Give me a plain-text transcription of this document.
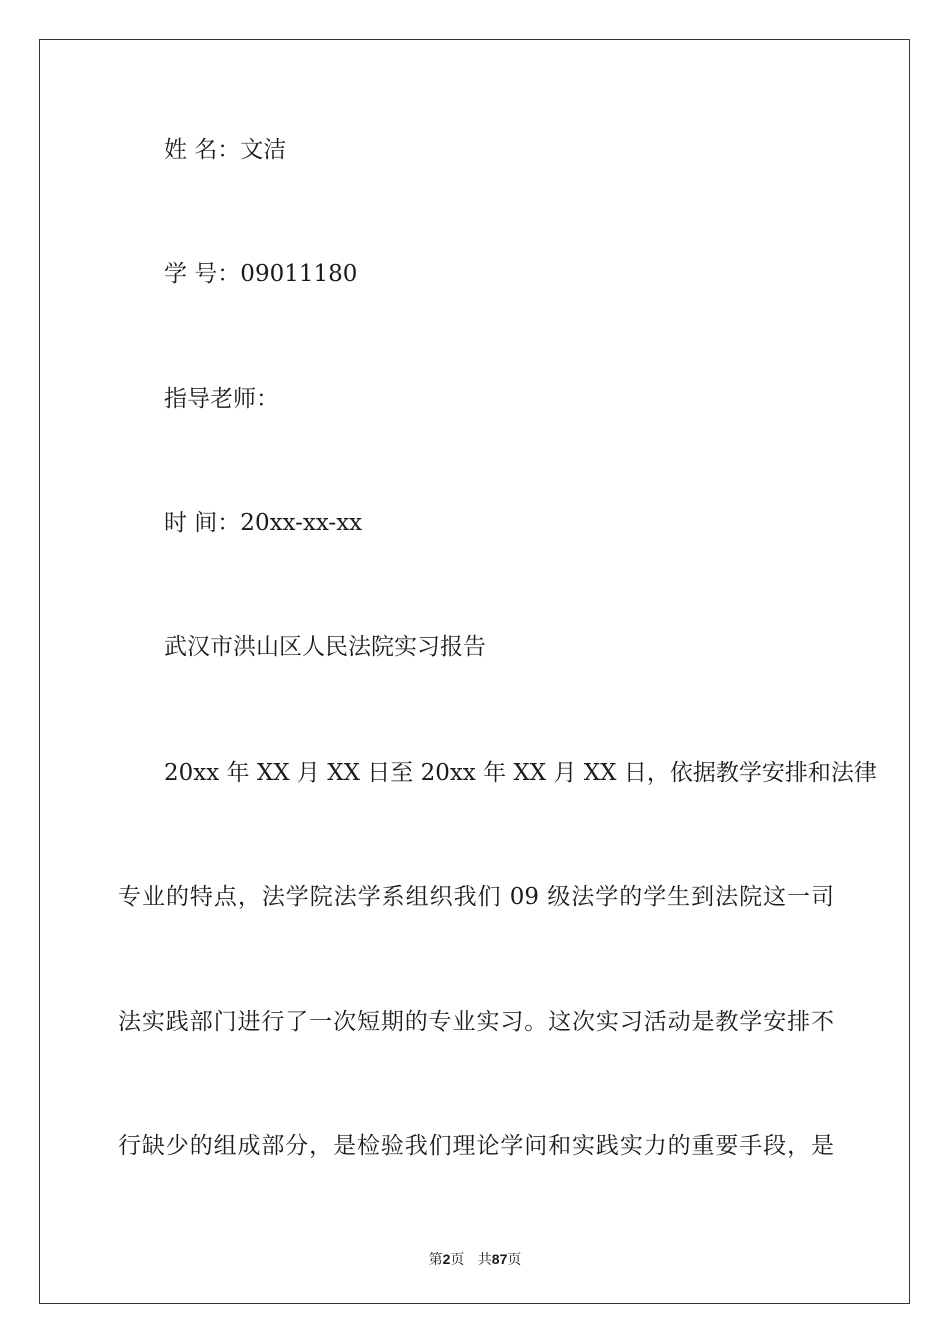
姓 名：文洁
学 号：09011180
指导老师：
时 间：20xx-xx-xx
武汉市洪山区人民法院实习报告
20xx 年 XX 月 XX 日至 20xx 年 XX 月 XX 日，依据教学安排和法律
专业的特点，法学院法学系组织我们 09 级法学的学生到法院这一司
法实践部门进行了一次短期的专业实习。这次实习活动是教学安排不
行缺少的组成部分，是检验我们理论学问和实践实力的重要手段，是
第2页 共87页
